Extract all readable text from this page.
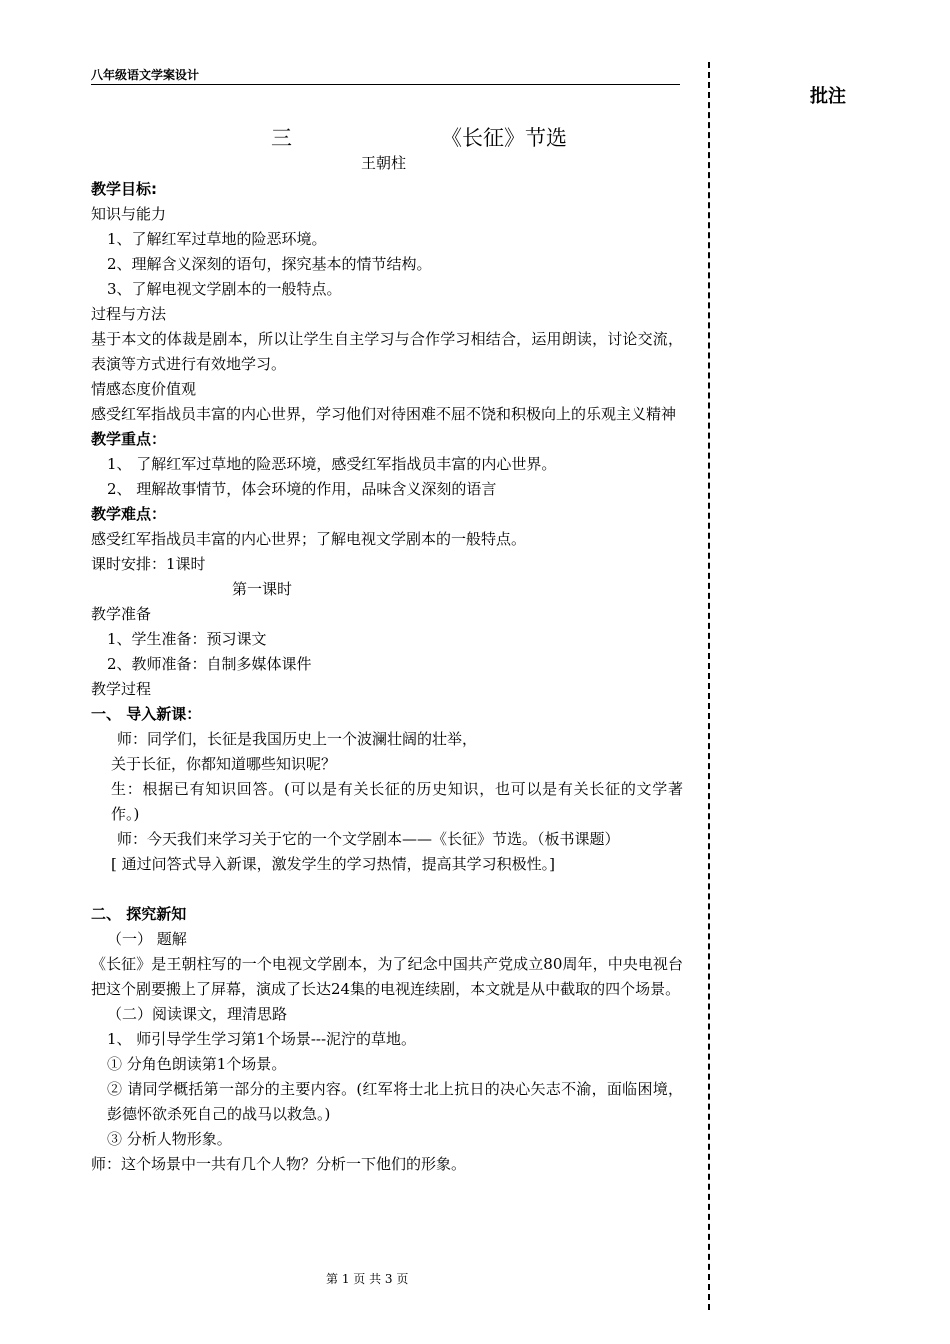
八年级语文学案设计
批注
三	《长征》节选
王朝柱

教学目标:

知识与能力

1、了解红军过草地的险恶环境。

2、理解含义深刻的语句，探究基本的情节结构。

3、了解电视文学剧本的一般特点。

过程与方法

基于本文的体裁是剧本，所以让学生自主学习与合作学习相结合，运用朗读，讨论交流，表演等方式进行有效地学习。

情感态度价值观

感受红军指战员丰富的内心世界，学习他们对待困难不屈不饶和积极向上的乐观主义精神

教学重点：

1、 了解红军过草地的险恶环境，感受红军指战员丰富的内心世界。

2、 理解故事情节，体会环境的作用，品味含义深刻的语言

教学难点：

感受红军指战员丰富的内心世界；了解电视文学剧本的一般特点。

课时安排：1课时

第一课时

教学准备

1、学生准备：预习课文

2、教师准备：自制多媒体课件

教学过程

一、 导入新课：

师：同学们，长征是我国历史上一个波澜壮阔的壮举，

关于长征，你都知道哪些知识呢？

生：根据已有知识回答。(可以是有关长征的历史知识，也可以是有关长征的文学著作。)

师：今天我们来学习关于它的一个文学剧本——《长征》节选。（板书课题）

[ 通过问答式导入新课，激发学生的学习热情，提高其学习积极性。]

二、 探究新知

（一） 题解

《长征》是王朝柱写的一个电视文学剧本，为了纪念中国共产党成立80周年，中央电视台把这个剧要搬上了屏幕，演成了长达24集的电视连续剧，本文就是从中截取的四个场景。

（二）阅读课文，理清思路

1、 师引导学生学习第1个场景---泥泞的草地。

① 分角色朗读第1个场景。

② 请同学概括第一部分的主要内容。(红军将士北上抗日的决心矢志不渝，面临困境，彭德怀欲杀死自己的战马以救急。)

③ 分析人物形象。

师：这个场景中一共有几个人物？分析一下他们的形象。

第 1 页 共 3 页
